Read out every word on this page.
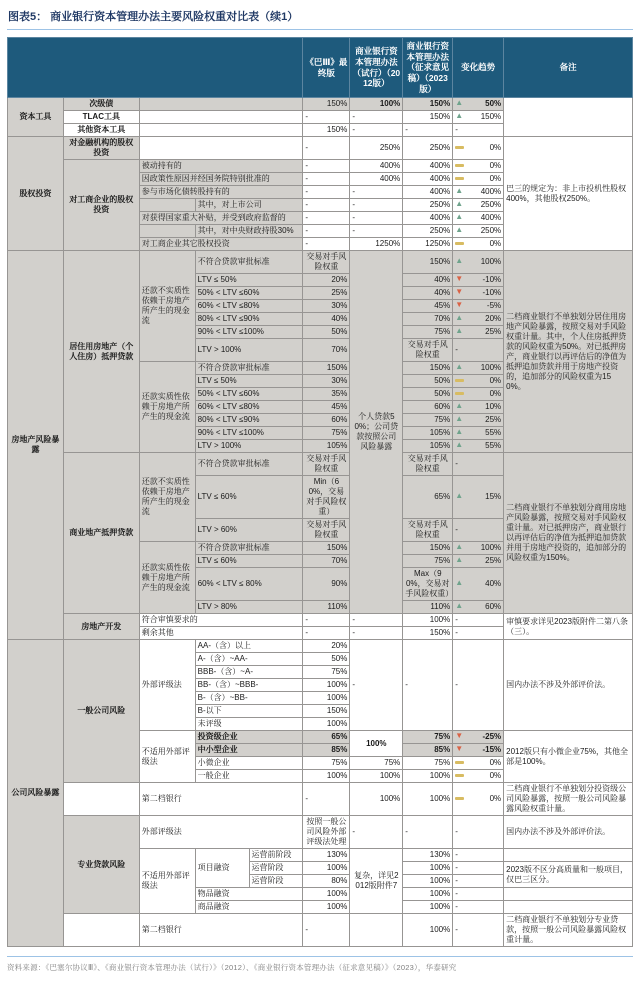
图表5： 商业银行资本管理办法主要风险权重对比表（续1）
					《巴Ⅲ》最终版	商业银行资本管理办法（试行）（2012版）	商业银行资本管理办法（征求意见稿）（2023版）	变化趋势	备注
资本工具	次级债				150%	100%	150%	▲ 50%	

	TLAC工具				-	-	150%	▲ 150%	

	其他资本工具				150%	-	-	-	
股权投资	对金融机构的股权投资				-	250%	250%	0%	巴三的规定为：非上市投机性股权400%，其他股权250%。
	对工商企业的股权投资	被动持有的			-	400%	400%	0%	

		因政策性原因并经国务院特别批准的			-	400%	400%	0%	

		参与市场化债转股持有的			-	-	400%	▲ 400%	

			其中，对上市公司		-	-	250%	▲ 250%	

		对获得国家重大补贴，并受到政府监督的			-	-	400%	▲ 400%	

			其中，对中央财政持股30%		-	-	250%	▲ 250%	

		对工商企业其它股权投资			-	1250%	1250%	0%	

房地产风险暴露	居住用房地产（个人住房）抵押贷款	还款不实质性依赖于房地产所产生的现金流	不符合贷款审批标准		交易对手风险权重	个人贷款50%；公司贷款按照公司风险暴露	150%	▲ 100%	二档商业银行不单独划分居住用房地产风险暴露，按照交易对手风险权重计量。其中，个人住房抵押贷款的风险权重为50%。对已抵押房产，商业银行以再评估后的净值为抵押追加贷款并用于房地产投资的，追加部分的风险权重为150%。
			LTV ≤ 50%		20%		40%	▼ -10%	

			50% < LTV ≤60%		25%		40%	▼ -10%	

			60% < LTV ≤80%		30%		45%	▼ -5%	

			80% < LTV ≤90%		40%		70%	▲ 20%	

			90% < LTV ≤100%		50%		75%	▲ 25%	

			LTV > 100%		70%		交易对手风险权重	-	
		还款实质性依赖于房地产所产生的现金流	不符合贷款审批标准		150%		150%	▲ 100%	

			LTV ≤ 50%		30%		50%	0%	

			50% < LTV ≤60%		35%		50%	0%	

			60% < LTV ≤80%		45%		60%	▲ 10%	

			80% < LTV ≤90%		60%		75%	▲ 25%	

			90% < LTV ≤100%		75%		105%	▲ 55%	

			LTV > 100%		105%		105%	▲ 55%	

	商业地产抵押贷款	还款不实质性依赖于房地产所产生的现金流	不符合贷款审批标准		交易对手风险权重		交易对手风险权重	-	二档商业银行不单独划分商用房地产风险暴露，按照交易对手风险权重计量。对已抵押房产，商业银行以再评估后的净值为抵押追加贷款并用于房地产投资的，追加部分的风险权重为150%。
			LTV ≤ 60%		Min（60%，交易对手风险权重）		65%	▲ 15%	

			LTV > 60%		交易对手风险权重		交易对手风险权重	-	
		还款实质性依赖于房地产所产生的现金流	不符合贷款审批标准		150%		150%	▲ 100%	

			LTV ≤ 60%		70%		75%	▲ 25%	

			60% < LTV ≤ 80%		90%		Max（90%，交易对手风险权重）	▲ 40%	

			LTV > 80%		110%		110%	▲ 60%	

	房地产开发	符合审慎要求的			-	-	100%	-	审慎要求详见2023版附件二第八条（三）。
		剩余其他			-	-	150%	-	
公司风险暴露	一般公司风险	外部评级法	AA-（含）以上		20%	-	-	-	国内办法不涉及外部评价法。
			A-（含）~AA-		50%				
			BBB-（含）~A-		75%				
			BB-（含）~BBB-		100%				
			B-（含）~BB-		100%				
			B-以下		150%				
			未评级		100%				
		不适用外部评级法	投资级企业		65%	100%	75%	▼ -25%	2012版只有小微企业75%，其他全部是100%。
			中小型企业		85%		85%	▼ -15%	

			小微企业		75%	75%	75%	0%	

			一般企业		100%	100%	100%	0%	

		第二档银行			-	100%	100%	0%	二档商业银行不单独划分投资级公司风险暴露，按照一般公司风险暴露风险权重计量。
	专业贷款风险	外部评级法			按照一般公司风险外部评级法处理	-	-	-	国内办法不涉及外部评价法。
		不适用外部评级法	项目融资	运营前阶段	130%	复杂，详见2012版附件7	130%	-	
				运营阶段	100%		100%	-	2023版不区分高质量和一般项目，仅巴三区分。
				运营阶段	80%		100%	-	
			物品融资		100%		100%	-	
			商品融资		100%		100%	-	
		第二档银行			-		100%	-	二档商业银行不单独划分专业贷款，按照一般公司风险暴露风险权重计量。
资料来源：《巴塞尔协议Ⅲ》、《商业银行资本管理办法（试行）》（2012）、《商业银行资本管理办法（征求意见稿）》（2023），华泰研究
